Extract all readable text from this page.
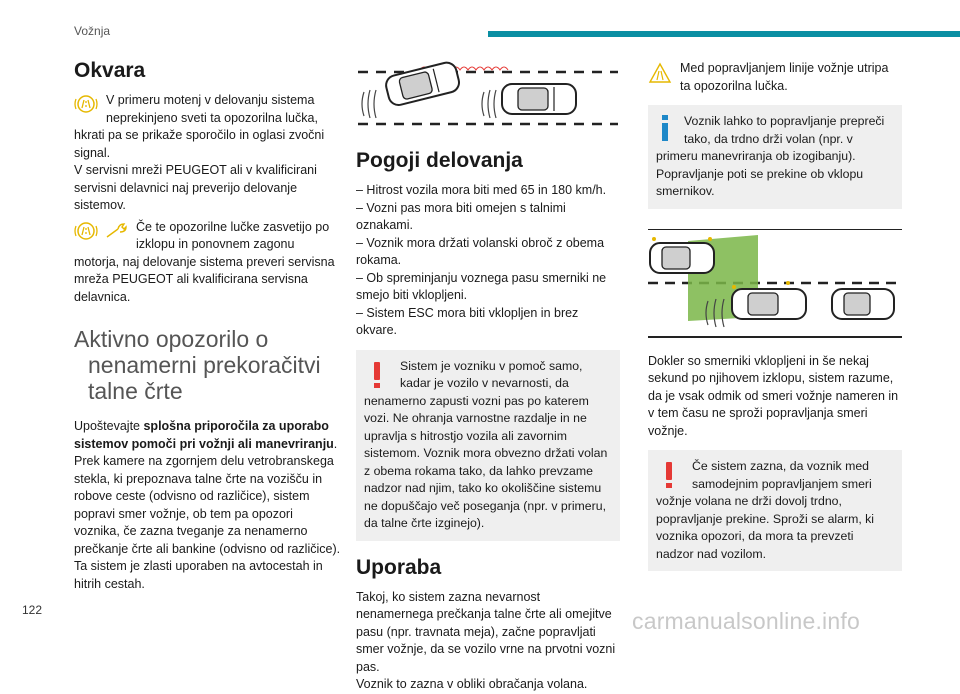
Vožnja
Okvara

V primeru motenj v delovanju sistema neprekinjeno sveti ta opozorilna lučka, hkrati pa se prikaže sporočilo in oglasi zvočni signal.

V servisni mreži PEUGEOT ali v kvalificirani servisni delavnici naj preverijo delovanje sistemov.

Če te opozorilne lučke zasvetijo po izklopu in ponovnem zagonu motorja, naj delovanje sistema preveri servisna mreža PEUGEOT ali kvalificirana servisna delavnica.

Aktivno opozorilo o
nenamerni prekoračitvi
talne črte

Upoštevajte splošna priporočila za uporabo sistemov pomoči pri vožnji ali manevriranju.

Prek kamere na zgornjem delu vetrobranskega stekla, ki prepoznava talne črte na vozišču in robove ceste (odvisno od različice), sistem popravi smer vožnje, ob tem pa opozori voznika, če zazna tveganje za nenamerno prečkanje črte ali bankine (odvisno od različice).

Ta sistem je zlasti uporaben na avtocestah in hitrih cestah.

Pogoji delovanja

– Hitrost vozila mora biti med 65 in 180 km/h.

– Vozni pas mora biti omejen s talnimi oznakami.

– Voznik mora držati volanski obroč z obema rokama.

– Ob spreminjanju voznega pasu smerniki ne smejo biti vklopljeni.

– Sistem ESC mora biti vklopljen in brez okvare.

Sistem je vozniku v pomoč samo, kadar je vozilo v nevarnosti, da nenamerno zapusti vozni pas po katerem vozi. Ne ohranja varnostne razdalje in ne upravlja s hitrostjo vozila ali zavornim sistemom. Voznik mora obvezno držati volan z obema rokama tako, da lahko prevzame nadzor nad njim, tako ko okoliščine sistemu ne dopuščajo več poseganja (npr. v primeru, da talne črte izginejo).

Uporaba

Takoj, ko sistem zazna nevarnost nenamernega prečkanja talne črte ali omejitve pasu (npr. travnata meja), začne popravljati smer vožnje, da se vozilo vrne na prvotni vozni pas.

Voznik to zazna v obliki obračanja volana.

Med popravljanjem linije vožnje utripa ta opozorilna lučka.

Voznik lahko to popravljanje prepreči tako, da trdno drži volan (npr. v primeru manevriranja ob izogibanju).

Popravljanje poti se prekine ob vklopu smernikov.

Dokler so smerniki vklopljeni in še nekaj sekund po njihovem izklopu, sistem razume, da je vsak odmik od smeri vožnje nameren in v tem času ne sproži popravljanja smeri vožnje.

Če sistem zazna, da voznik med samodejnim popravljanjem smeri vožnje volana ne drži dovolj trdno, popravljanje prekine. Sproži se alarm, ki voznika opozori, da mora ta prevzeti nadzor nad vozilom.

122	carmanualsonline.info
